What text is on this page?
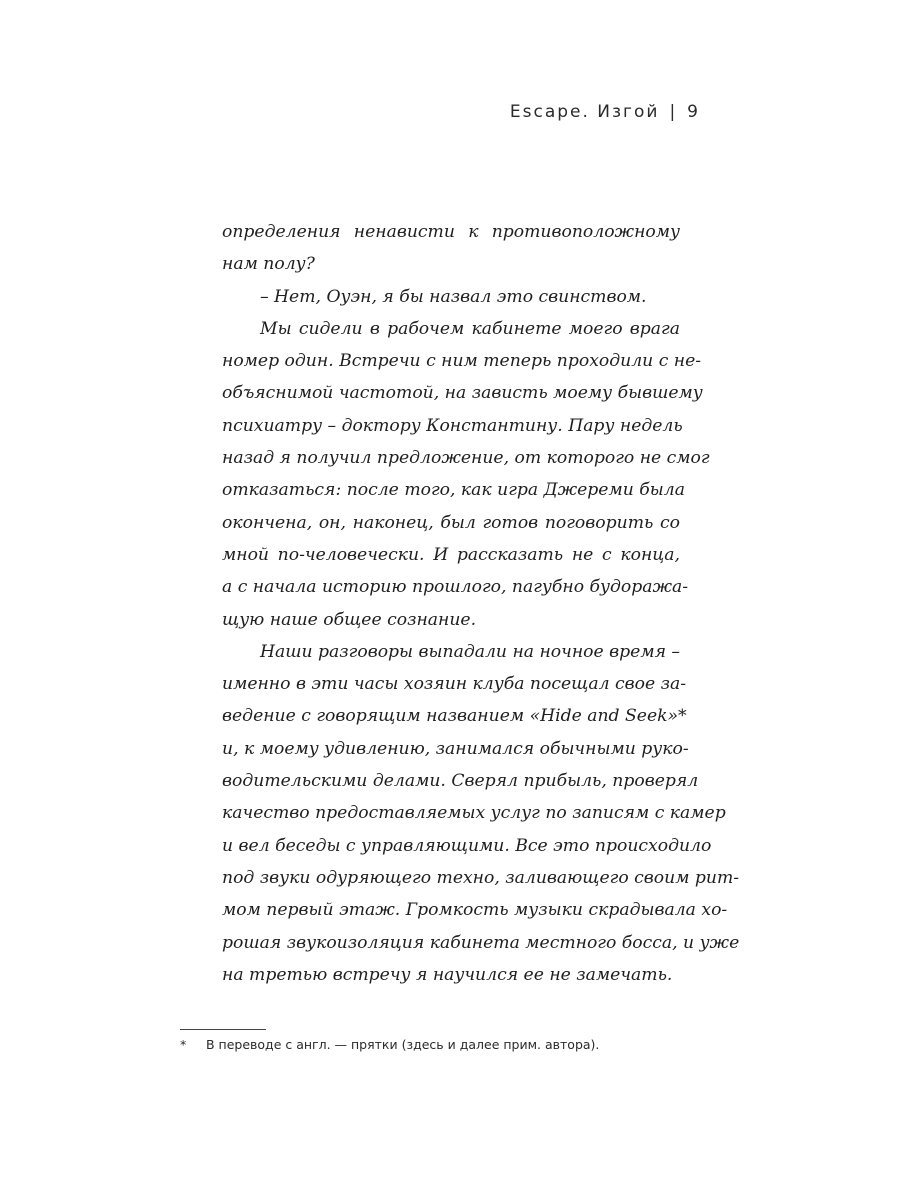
Escape. Изгой | 9
определения ненависти к противоположному
нам полу?
– Нет, Оуэн, я бы назвал это свинством.
Мы сидели в рабочем кабинете моего врага
номер один. Встречи с ним теперь проходили с не-
объяснимой частотой, на зависть моему бывшему
психиатру – доктору Константину. Пару недель
назад я получил предложение, от которого не смог
отказаться: после того, как игра Джереми была
окончена, он, наконец, был готов поговорить со
мной по-человечески. И рассказать не с конца,
а с начала историю прошлого, пагубно будоража-
щую наше общее сознание.
Наши разговоры выпадали на ночное время –
именно в эти часы хозяин клуба посещал свое за-
ведение с говорящим названием «Hide and Seek»*
и, к моему удивлению, занимался обычными руко-
водительскими делами. Сверял прибыль, проверял
качество предоставляемых услуг по записям с камер
и вел беседы с управляющими. Все это происходило
под звуки одуряющего техно, заливающего своим рит-
мом первый этаж. Громкость музыки скрадывала хо-
рошая звукоизоляция кабинета местного босса, и уже
на третью встречу я научился ее не замечать.
* В переводе с англ. — прятки (здесь и далее прим. автора).
